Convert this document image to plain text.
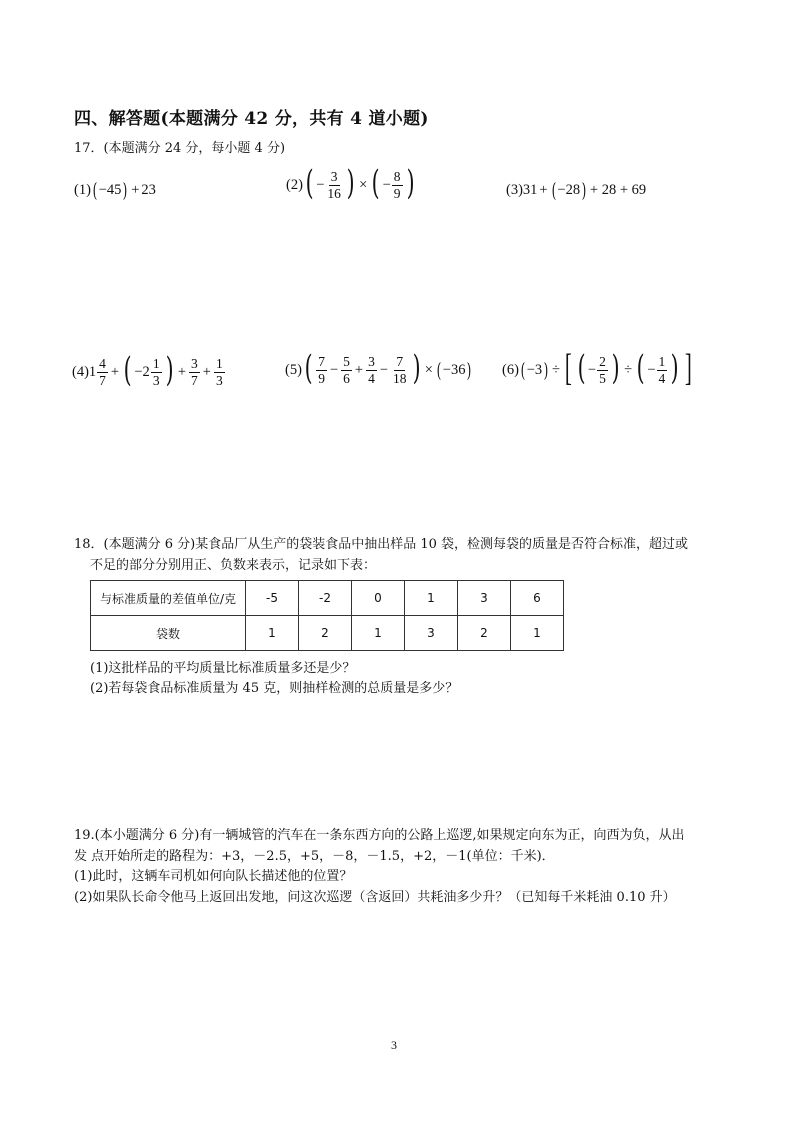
四、解答题(本题满分 42 分，共有 4 道小题)
17．(本题满分 24 分，每小题 4 分)
(1) ( −45 ) + 23	(2) ( − $\frac{3}{16}$ ) × ( − $\frac{8}{9}$ )	(3) 31 + ( −28 ) + 28 + 69
(4) $1 \frac{4}{7}$ + ( $-2 \frac{1}{3}$ ) + $\frac{3}{7} + \frac{1}{3}$	(5) ( $\frac{7}{9} - \frac{5}{6} + \frac{3}{4} - \frac{7}{18}$ ) × ( −36 ) (6) ( −3 ) ÷ [ ( − $\frac{2}{5}$ ) ÷ ( − $\frac{1}{4}$ ) ]
18．(本题满分 6 分)某食品厂从生产的袋装食品中抽出样品 10 袋，检测每袋的质量是否符合标准，超过或
不足的部分分别用正、负数来表示，记录如下表：
与标准质量的差值单位/克	-5	-2	0	1	3	6
袋数	1	2	1	3	2	1
(1)这批样品的平均质量比标准质量多还是少？
(2)若每袋食品标准质量为 45 克，则抽样检测的总质量是多少？
19.(本小题满分 6 分)有一辆城管的汽车在一条东西方向的公路上巡逻,如果规定向东为正，向西为负，从出
发 点开始所走的路程为：+3，－2.5，+5，－8，－1.5，+2，－1(单位：千米)．
(1)此时，这辆车司机如何向队长描述他的位置？
(2)如果队长命令他马上返回出发地，问这次巡逻（含返回）共耗油多少升？（已知每千米耗油 0.10 升）
3
